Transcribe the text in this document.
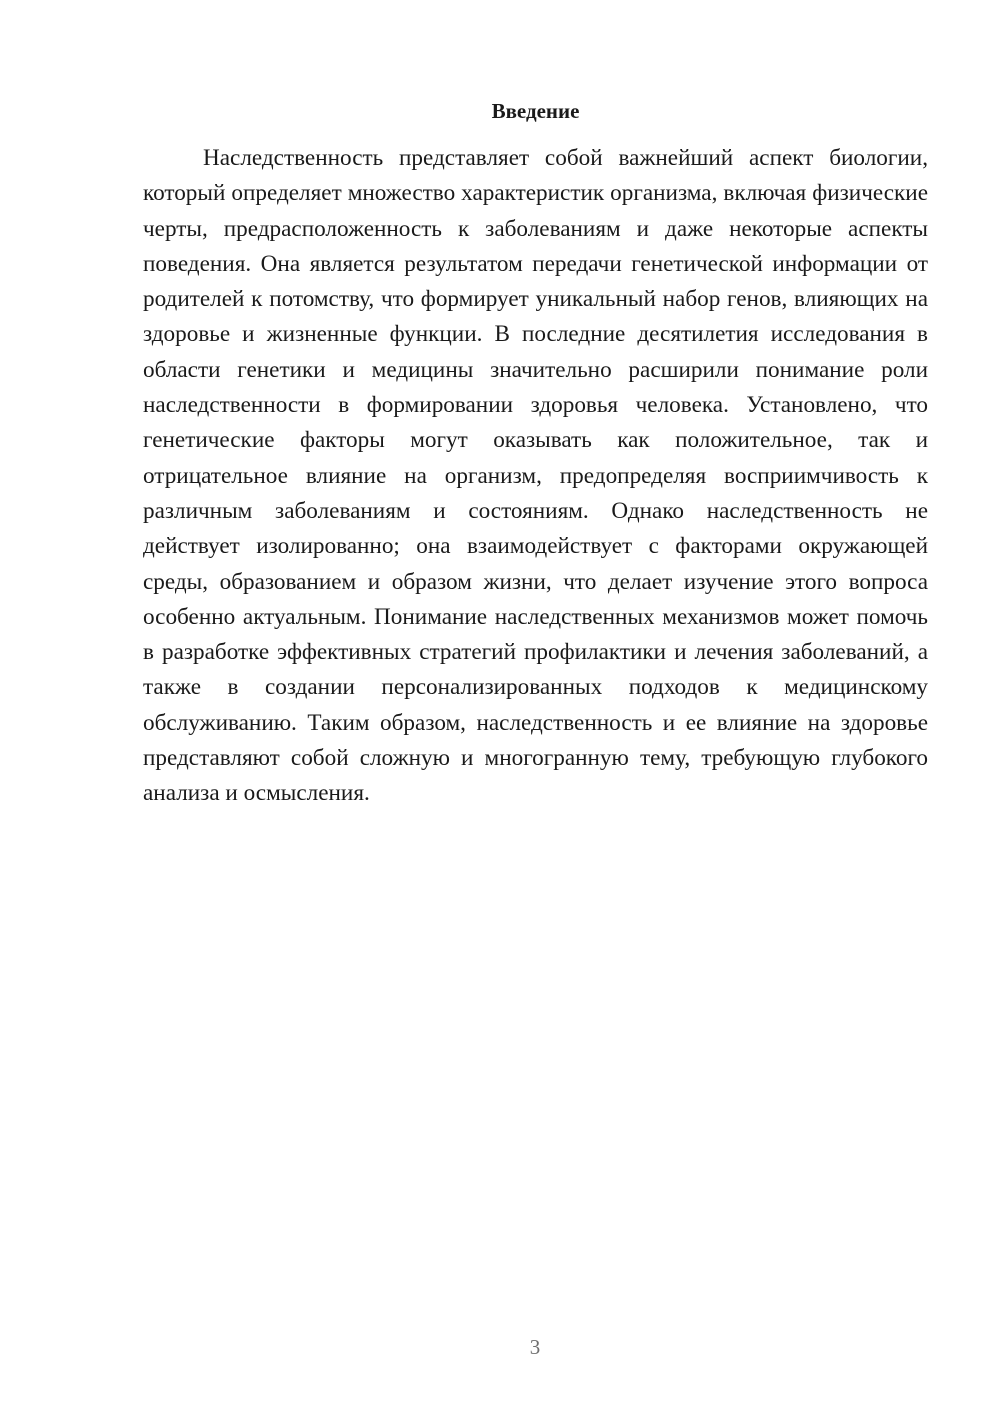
Введение

Наследственность представляет собой важнейший аспект биологии, который определяет множество характеристик организма, включая физические черты, предрасположенность к заболеваниям и даже некоторые аспекты поведения. Она является результатом передачи генетической информации от родителей к потомству, что формирует уникальный набор генов, влияющих на здоровье и жизненные функции. В последние десятилетия исследования в области генетики и медицины значительно расширили понимание роли наследственности в формировании здоровья человека. Установлено, что генетические факторы могут оказывать как положительное, так и отрицательное влияние на организм, предопределяя восприимчивость к различным заболеваниям и состояниям. Однако наследственность не действует изолированно; она взаимодействует с факторами окружающей среды, образованием и образом жизни, что делает изучение этого вопроса особенно актуальным. Понимание наследственных механизмов может помочь в разработке эффективных стратегий профилактики и лечения заболеваний, а также в создании персонализированных подходов к медицинскому обслуживанию. Таким образом, наследственность и ее влияние на здоровье представляют собой сложную и многогранную тему, требующую глубокого анализа и осмысления.

3
